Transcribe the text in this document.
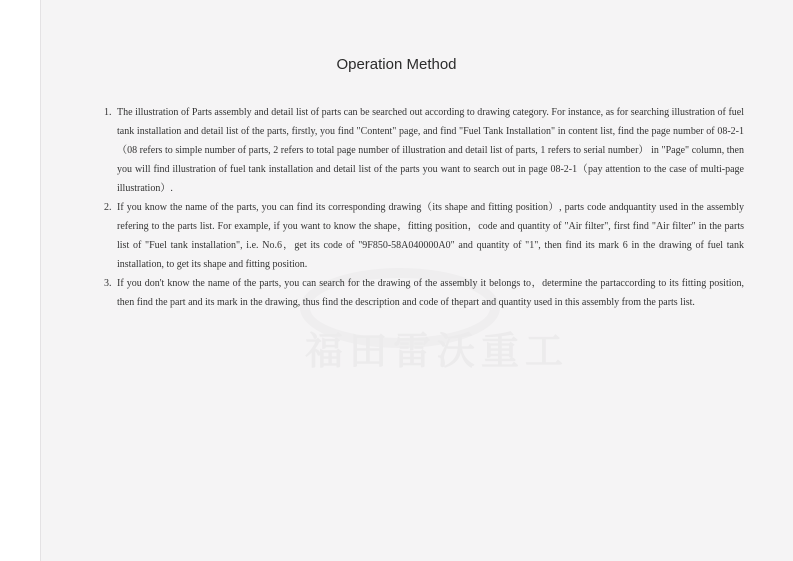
福田雷沃重工
Operation Method
1. The illustration of Parts assembly and detail list of parts can be searched out according to drawing category. For instance, as for searching illustration of fuel tank installation and detail list of the parts, firstly, you find "Content" page, and find "Fuel Tank Installation" in content list, find the page number of 08-2-1（08 refers to simple number of parts, 2 refers to total page number of illustration and detail list of parts, 1 refers to serial number） in "Page" column, then you will find illustration of fuel tank installation and detail list of the parts you want to search out in page 08-2-1（pay attention to the case of multi-page illustration）.
2. If you know the name of the parts, you can find its corresponding drawing（its shape and fitting position）, parts code andquantity used in the assembly refering to the parts list. For example, if you want to know the shape，fitting position，code and quantity of "Air filter", first find "Air filter" in the parts list of "Fuel tank installation", i.e. No.6，get its code of "9F850-58A040000A0" and quantity of "1", then find its mark 6 in the drawing of fuel tank installation, to get its shape and fitting position.
3. If you don't know the name of the parts, you can search for the drawing of the assembly it belongs to，determine the partaccording to its fitting position, then find the part and its mark in the drawing, thus find the description and code of thepart and quantity used in this assembly from the parts list.
